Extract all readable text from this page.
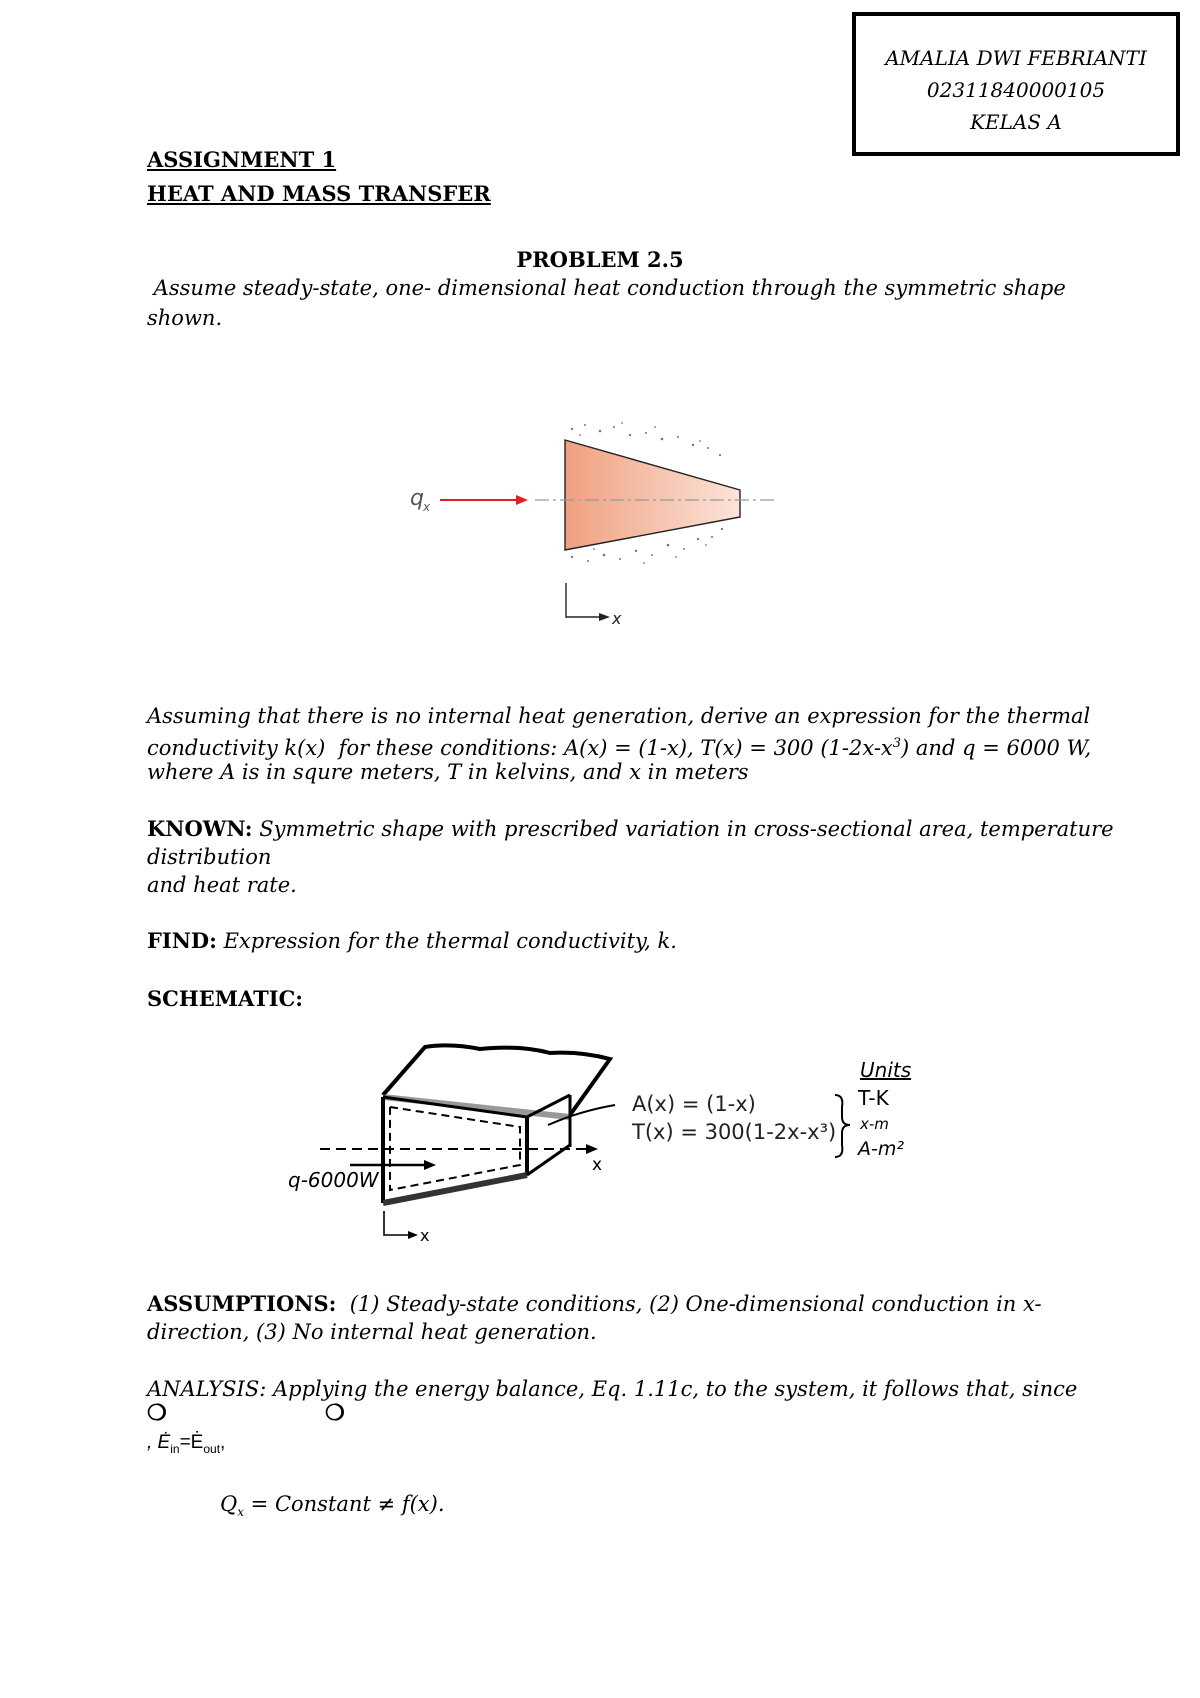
AMALIA DWI FEBRIANTI
02311840000105
KELAS A
ASSIGNMENT 1
HEAT AND MASS TRANSFER
PROBLEM 2.5
Assume steady-state, one- dimensional heat conduction through the symmetric shape
shown.
q x
x
Assuming that there is no internal heat generation, derive an expression for the thermal
conductivity k(x)  for these conditions: A(x) = (1-x), T(x) = 300 $(1-2x-x^3)$ and q = 6000 W,
where A is in squre meters, T in kelvins, and x in meters
KNOWN: Symmetric shape with prescribed variation in cross-sectional area, temperature
distribution
and heat rate.
FIND: Expression for the thermal conductivity, k.
SCHEMATIC:
x
q-6000W
x
A(x) = (1-x)
T(x) = 300(1-2x-x³)
Units
T-K
x-m
A-m²
ASSUMPTIONS:  (1) Steady-state conditions, (2) One-dimensional conduction in x-
direction, (3) No internal heat generation.
ANALYSIS: Applying the energy balance, Eq. 1.11c, to the system, it follows that, since
❍	❍
, $Ė_{in}=Ė_{out}$,
$Q_x$ = Constant ≠ f(x).
